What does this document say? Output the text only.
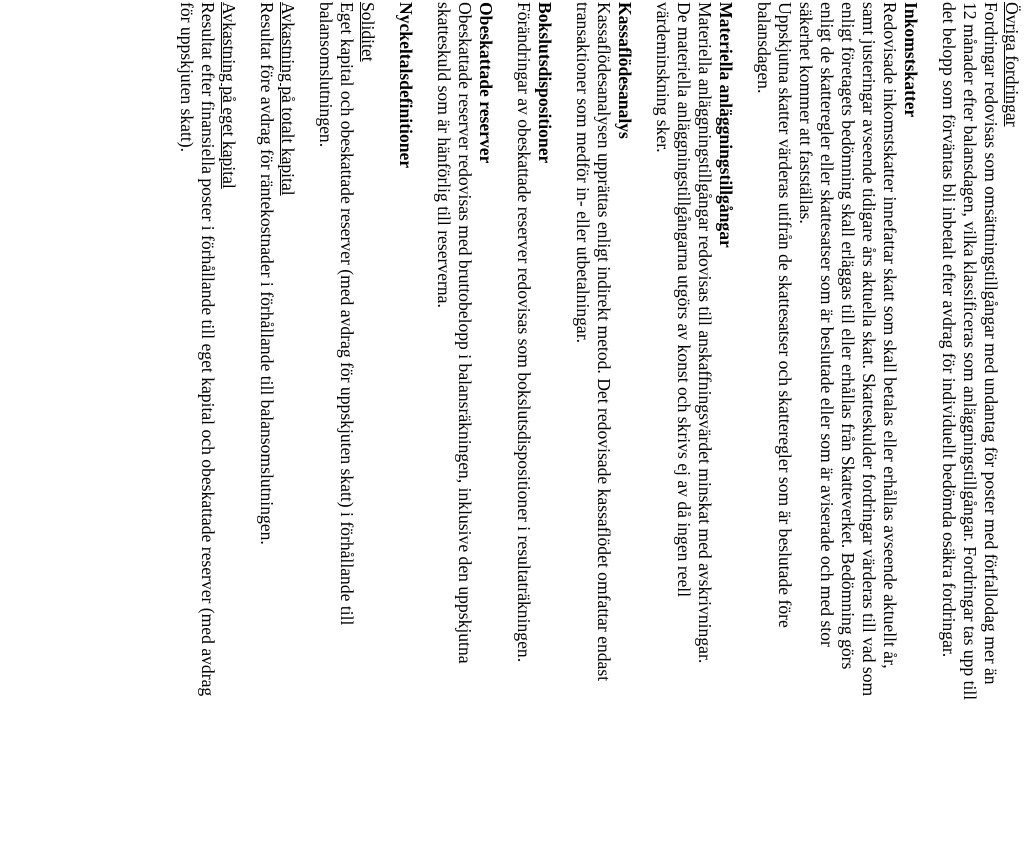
Övriga fordringar
Fordringar redovisas som omsättningstillgångar med undantag för poster med förfallodag mer än
12 månader efter balansdagen, vilka klassificeras som anläggningstillgångar. Fordringar tas upp till
det belopp som förväntas bli inbetalt efter avdrag för individuellt bedömda osäkra fordringar.
Inkomstskatter
Redovisade inkomstskatter innefattar skatt som skall betalas eller erhållas avseende aktuellt år,
samt justeringar avseende tidigare års aktuella skatt. Skatteskulder fordringar värderas till vad som
enligt företagets bedömning skall erläggas till eller erhållas från Skatteverket. Bedömning görs
enligt de skatteregler eller skattesatser som är beslutade eller som är aviserade och med stor
säkerhet kommer att fastställas.
Uppskjutna skatter värderas utifrån de skattesatser och skatteregler som är beslutade före
balansdagen.
Materiella anläggningstillgångar
Materiella anläggningstillgångar redovisas till anskaffningsvärdet minskat med avskrivningar.
De materiella anläggningstillgångarna utgörs av konst och skrivs ej av då ingen reell
värdeminskning sker.
Kassaflödesanalys
Kassaflödesanalysen upprättas enligt indirekt metod. Det redovisade kassaflödet omfattar endast
transaktioner som medför in- eller utbetalningar.
Bokslutsdispositioner
Förändringar av obeskattade reserver redovisas som bokslutsdispositioner i resultaträkningen.
Obeskattade reserver
Obeskattade reserver redovisas med bruttobelopp i balansräkningen, inklusive den uppskjutna
skatteskuld som är hänförlig till reserverna.
Nyckeltalsdefinitioner
Soliditet
Eget kapital och obeskattade reserver (med avdrag för uppskjuten skatt) i förhållande till
balansomslutningen.
Avkastning på totalt kapital
Resultat före avdrag för räntekostnader i förhållande till balansomslutningen.
Avkastning på eget kapital
Resultat efter finansiella poster i förhållande till eget kapital och obeskattade reserver (med avdrag
för uppskjuten skatt).
